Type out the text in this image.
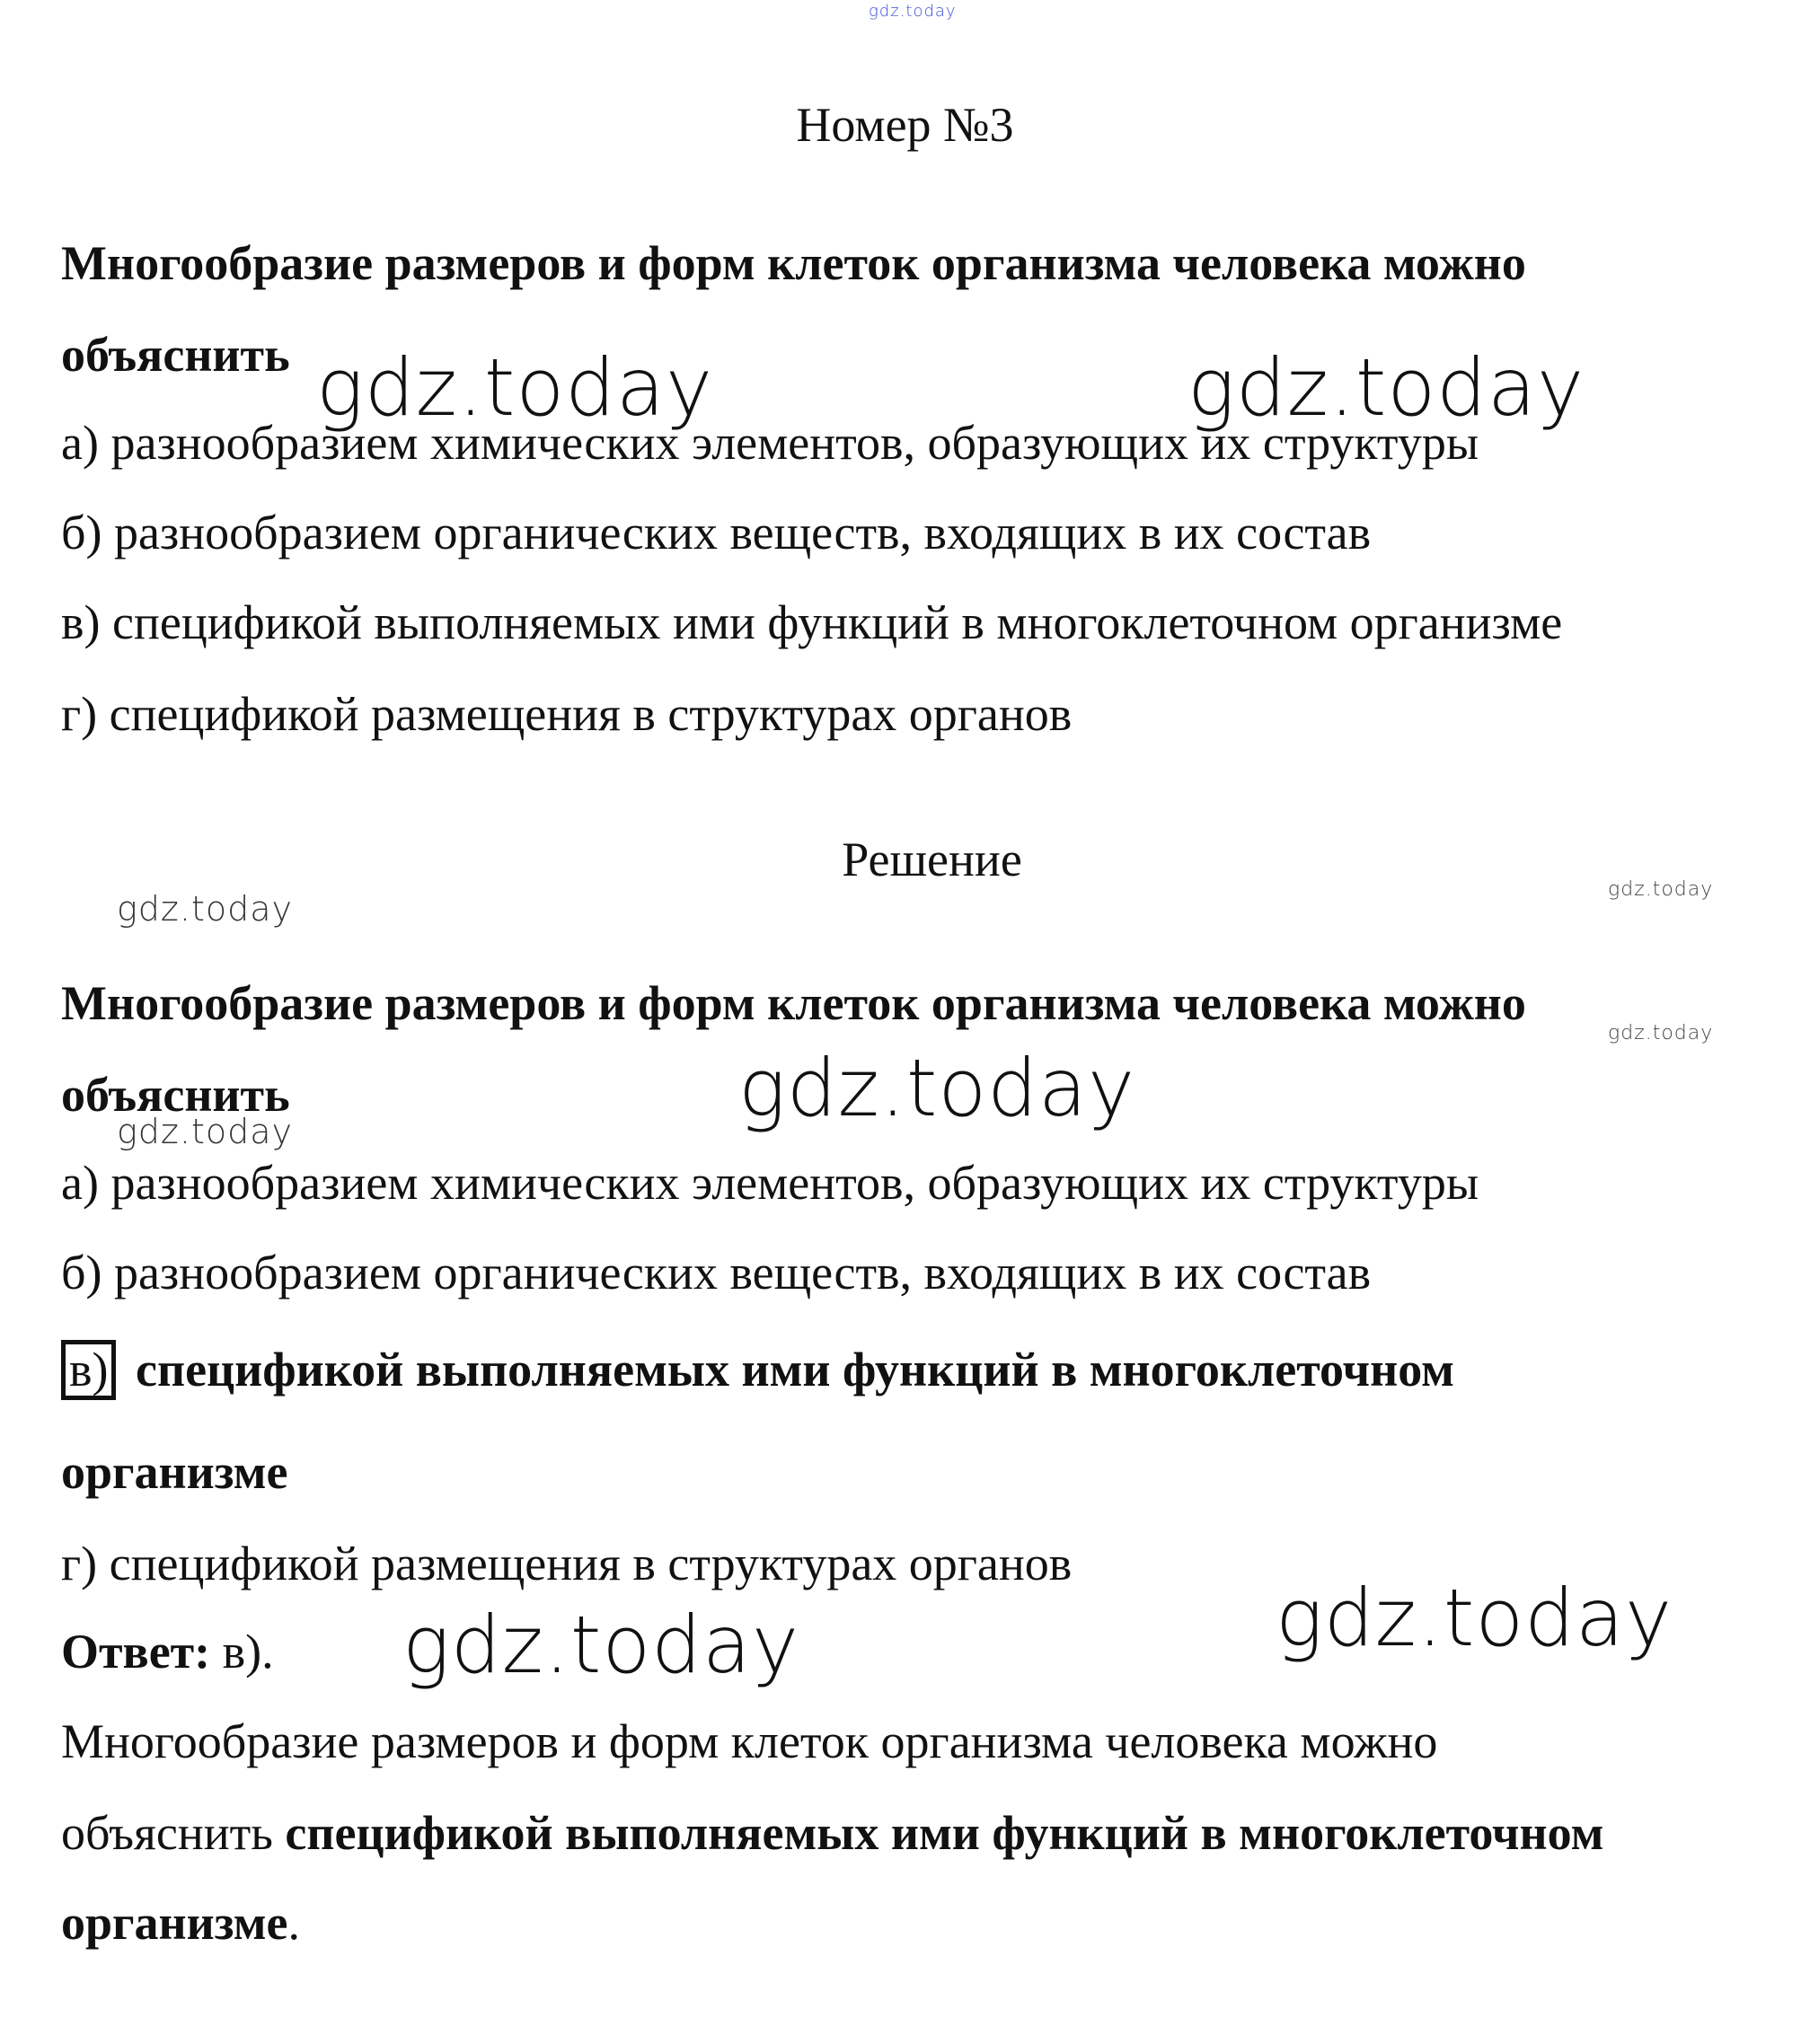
gdz.today
Номер №3
Многообразие размеров и форм клеток организма человека можно
объяснить
а) разнообразием химических элементов, образующих их структуры
б) разнообразием органических веществ, входящих в их состав
в) спецификой выполняемых ими функций в многоклеточном организме
г) спецификой размещения в структурах органов
Решение
Многообразие размеров и форм клеток организма человека можно
объяснить
а) разнообразием химических элементов, образующих их структуры
б) разнообразием органических веществ, входящих в их состав
в) спецификой выполняемых ими функций в многоклеточном
организме
г) спецификой размещения в структурах органов
Ответ: в).
Многообразие размеров и форм клеток организма человека можно
объяснить спецификой выполняемых ими функций в многоклеточном
организме.
gdz.today	gdz.today
gdz.today	gdz.today
gdz.today
gdz.today
gdz.today
gdz.today
gdz.today
